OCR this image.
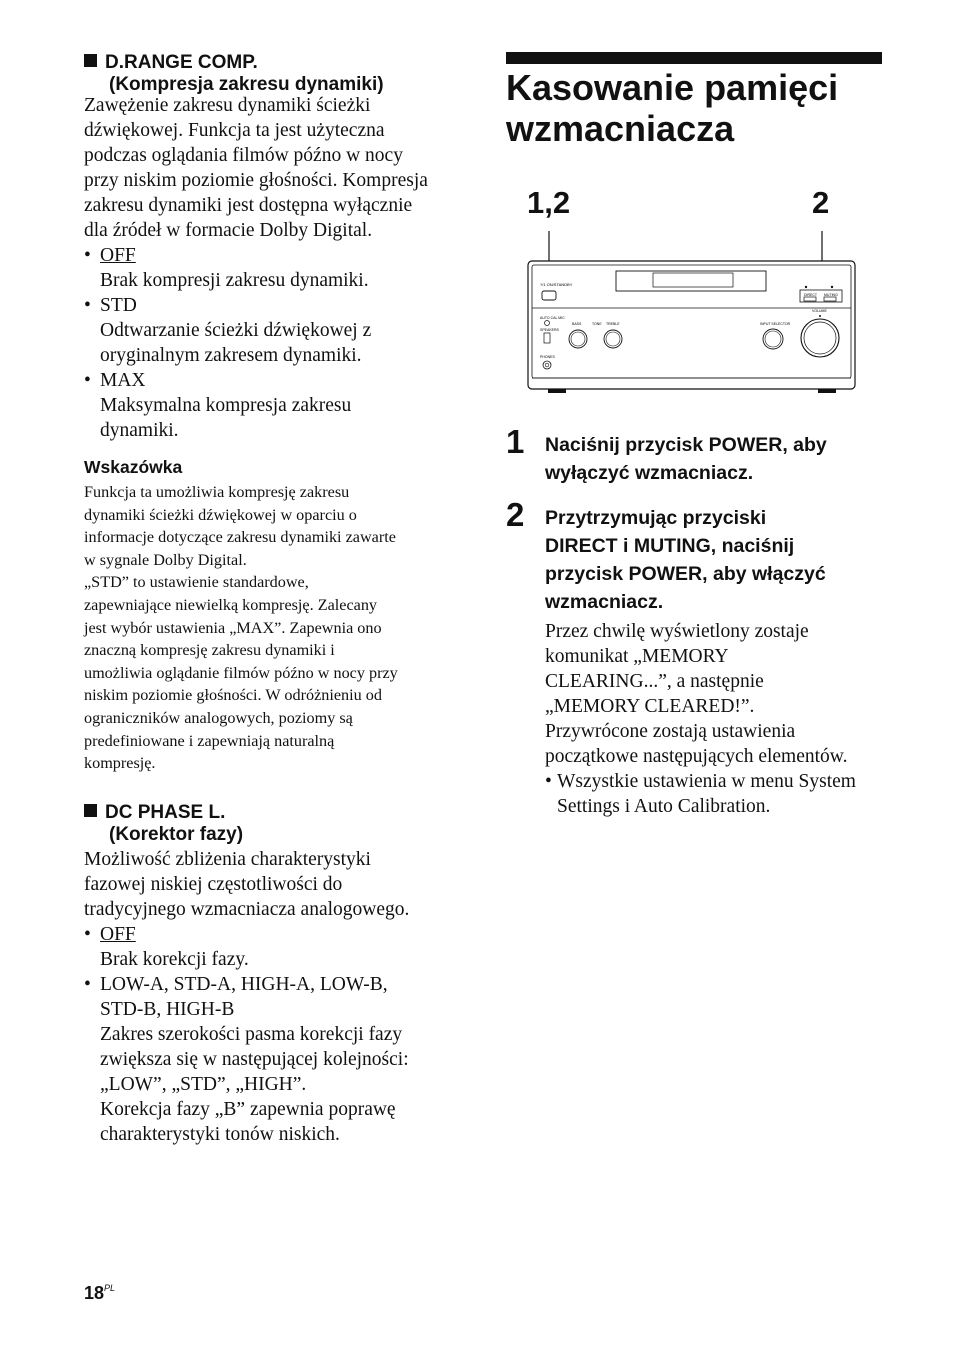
D.RANGE COMP.
(Kompresja zakresu dynamiki)

Zawężenie zakresu dynamiki ścieżki

dźwiękowej. Funkcja ta jest użyteczna

podczas oglądania filmów późno w nocy

przy niskim poziomie głośności. Kompresja

zakresu dynamiki jest dostępna wyłącznie

dla źródeł w formacie Dolby Digital.

• OFF

Brak kompresji zakresu dynamiki.

• STD

Odtwarzanie ścieżki dźwiękowej z

oryginalnym zakresem dynamiki.

• MAX

Maksymalna kompresja zakresu

dynamiki.

Wskazówka

Funkcja ta umożliwia kompresję zakresu

dynamiki ścieżki dźwiękowej w oparciu o

informacje dotyczące zakresu dynamiki zawarte

w sygnale Dolby Digital.

„STD” to ustawienie standardowe,

zapewniające niewielką kompresję. Zalecany

jest wybór ustawienia „MAX”. Zapewnia ono

znaczną kompresję zakresu dynamiki i

umożliwia oglądanie filmów późno w nocy przy

niskim poziomie głośności. W odróżnieniu od

ograniczników analogowych, poziomy są

predefiniowane i zapewniają naturalną

kompresję.

DC PHASE L.
(Korektor fazy)

Możliwość zbliżenia charakterystyki

fazowej niskiej częstotliwości do

tradycyjnego wzmacniacza analogowego.

• OFF

Brak korekcji fazy.

• LOW-A, STD-A, HIGH-A, LOW-B,

STD-B, HIGH-B

Zakres szerokości pasma korekcji fazy

zwiększa się w następującej kolejności:

„LOW”, „STD”, „HIGH”.

Korekcja fazy „B” zapewnia poprawę

charakterystyki tonów niskich.

Kasowanie pamięci
wzmacniacza
1,2	2
?/1 ON/STANDBY
DIRECT MUTING
AUTO CAL MIC
SPEAKERS
PHONES
BASS	TONE TREBLE	INPUT SELECTOR
VOLUME
1 Naciśnij przycisk POWER, aby
wyłączyć wzmacniacz.
2 Przytrzymując przyciski
DIRECT i MUTING, naciśnij
przycisk POWER, aby włączyć
wzmacniacz.

Przez chwilę wyświetlony zostaje

komunikat „MEMORY

CLEARING...”, a następnie

„MEMORY CLEARED!”.

Przywrócone zostają ustawienia

początkowe następujących elementów.

• Wszystkie ustawienia w menu System

Settings i Auto Calibration.

$18^{PL}$
